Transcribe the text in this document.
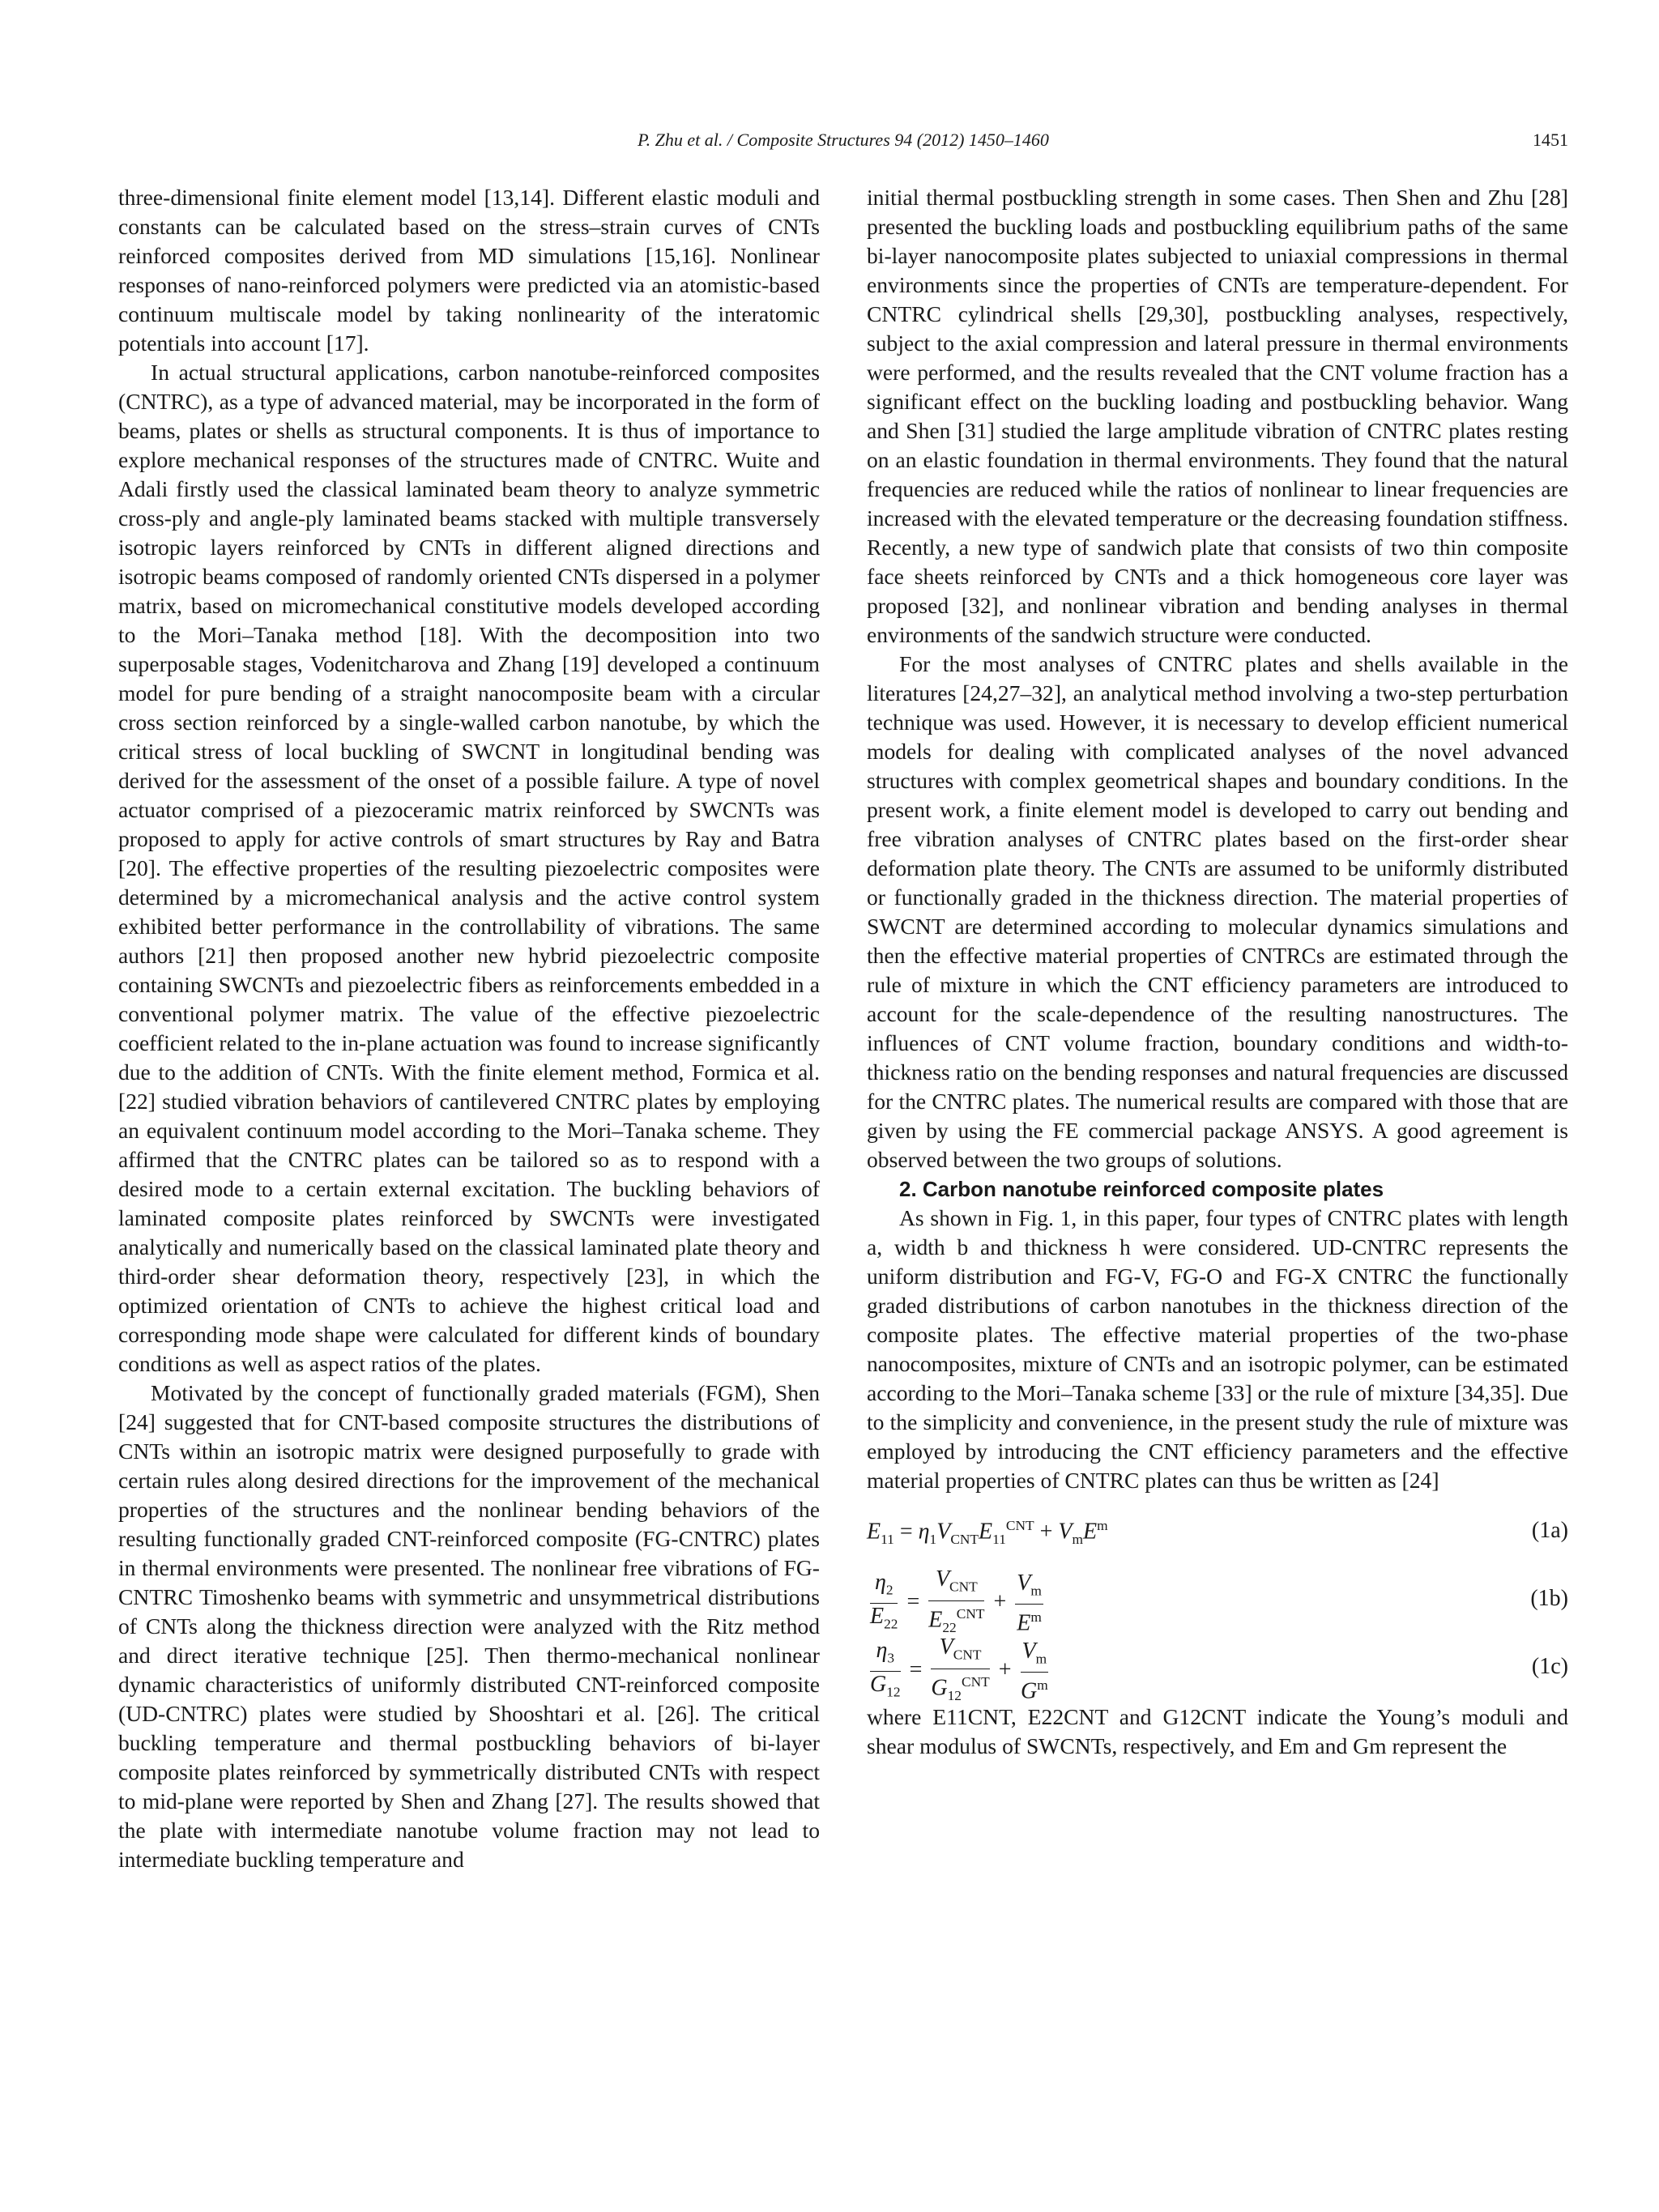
P. Zhu et al. / Composite Structures 94 (2012) 1450–1460	1451

three-dimensional finite element model [13,14]. Different elastic moduli and constants can be calculated based on the stress–strain curves of CNTs reinforced composites derived from MD simulations [15,16]. Nonlinear responses of nano-reinforced polymers were predicted via an atomistic-based continuum multiscale model by taking nonlinearity of the interatomic potentials into account [17].

In actual structural applications, carbon nanotube-reinforced composites (CNTRC), as a type of advanced material, may be incorporated in the form of beams, plates or shells as structural components. It is thus of importance to explore mechanical responses of the structures made of CNTRC. Wuite and Adali firstly used the classical laminated beam theory to analyze symmetric cross-ply and angle-ply laminated beams stacked with multiple transversely isotropic layers reinforced by CNTs in different aligned directions and isotropic beams composed of randomly oriented CNTs dispersed in a polymer matrix, based on micromechanical constitutive models developed according to the Mori–Tanaka method [18]. With the decomposition into two superposable stages, Vodenitcharova and Zhang [19] developed a continuum model for pure bending of a straight nanocomposite beam with a circular cross section reinforced by a single-walled carbon nanotube, by which the critical stress of local buckling of SWCNT in longitudinal bending was derived for the assessment of the onset of a possible failure. A type of novel actuator comprised of a piezoceramic matrix reinforced by SWCNTs was proposed to apply for active controls of smart structures by Ray and Batra [20]. The effective properties of the resulting piezoelectric composites were determined by a micromechanical analysis and the active control system exhibited better performance in the controllability of vibrations. The same authors [21] then proposed another new hybrid piezoelectric composite containing SWCNTs and piezoelectric fibers as reinforcements embedded in a conventional polymer matrix. The value of the effective piezoelectric coefficient related to the in-plane actuation was found to increase significantly due to the addition of CNTs. With the finite element method, Formica et al. [22] studied vibration behaviors of cantilevered CNTRC plates by employing an equivalent continuum model according to the Mori–Tanaka scheme. They affirmed that the CNTRC plates can be tailored so as to respond with a desired mode to a certain external excitation. The buckling behaviors of laminated composite plates reinforced by SWCNTs were investigated analytically and numerically based on the classical laminated plate theory and third-order shear deformation theory, respectively [23], in which the optimized orientation of CNTs to achieve the highest critical load and corresponding mode shape were calculated for different kinds of boundary conditions as well as aspect ratios of the plates.

Motivated by the concept of functionally graded materials (FGM), Shen [24] suggested that for CNT-based composite structures the distributions of CNTs within an isotropic matrix were designed purposefully to grade with certain rules along desired directions for the improvement of the mechanical properties of the structures and the nonlinear bending behaviors of the resulting functionally graded CNT-reinforced composite (FG-CNTRC) plates in thermal environments were presented. The nonlinear free vibrations of FG-CNTRC Timoshenko beams with symmetric and unsymmetrical distributions of CNTs along the thickness direction were analyzed with the Ritz method and direct iterative technique [25]. Then thermo-mechanical nonlinear dynamic characteristics of uniformly distributed CNT-reinforced composite (UD-CNTRC) plates were studied by Shooshtari et al. [26]. The critical buckling temperature and thermal postbuckling behaviors of bi-layer composite plates reinforced by symmetrically distributed CNTs with respect to mid-plane were reported by Shen and Zhang [27]. The results showed that the plate with intermediate nanotube volume fraction may not lead to intermediate buckling temperature and

initial thermal postbuckling strength in some cases. Then Shen and Zhu [28] presented the buckling loads and postbuckling equilibrium paths of the same bi-layer nanocomposite plates subjected to uniaxial compressions in thermal environments since the properties of CNTs are temperature-dependent. For CNTRC cylindrical shells [29,30], postbuckling analyses, respectively, subject to the axial compression and lateral pressure in thermal environments were performed, and the results revealed that the CNT volume fraction has a significant effect on the buckling loading and postbuckling behavior. Wang and Shen [31] studied the large amplitude vibration of CNTRC plates resting on an elastic foundation in thermal environments. They found that the natural frequencies are reduced while the ratios of nonlinear to linear frequencies are increased with the elevated temperature or the decreasing foundation stiffness. Recently, a new type of sandwich plate that consists of two thin composite face sheets reinforced by CNTs and a thick homogeneous core layer was proposed [32], and nonlinear vibration and bending analyses in thermal environments of the sandwich structure were conducted.

For the most analyses of CNTRC plates and shells available in the literatures [24,27–32], an analytical method involving a two-step perturbation technique was used. However, it is necessary to develop efficient numerical models for dealing with complicated analyses of the novel advanced structures with complex geometrical shapes and boundary conditions. In the present work, a finite element model is developed to carry out bending and free vibration analyses of CNTRC plates based on the first-order shear deformation plate theory. The CNTs are assumed to be uniformly distributed or functionally graded in the thickness direction. The material properties of SWCNT are determined according to molecular dynamics simulations and then the effective material properties of CNTRCs are estimated through the rule of mixture in which the CNT efficiency parameters are introduced to account for the scale-dependence of the resulting nanostructures. The influences of CNT volume fraction, boundary conditions and width-to-thickness ratio on the bending responses and natural frequencies are discussed for the CNTRC plates. The numerical results are compared with those that are given by using the FE commercial package ANSYS. A good agreement is observed between the two groups of solutions.

2. Carbon nanotube reinforced composite plates

As shown in Fig. 1, in this paper, four types of CNTRC plates with length a, width b and thickness h were considered. UD-CNTRC represents the uniform distribution and FG-V, FG-O and FG-X CNTRC the functionally graded distributions of carbon nanotubes in the thickness direction of the composite plates. The effective material properties of the two-phase nanocomposites, mixture of CNTs and an isotropic polymer, can be estimated according to the Mori–Tanaka scheme [33] or the rule of mixture [34,35]. Due to the simplicity and convenience, in the present study the rule of mixture was employed by introducing the CNT efficiency parameters and the effective material properties of CNTRC plates can thus be written as [24]

$E_{11} = \eta_1V_{CNT}E_{11}^{CNT} + V_mE^m$	(1a)
$\frac{\eta_2}{E_{22}} = \frac{V_{CNT}}{E_{22}^{CNT}} + \frac{V_m}{E^m}$	(1b)
$\frac{\eta_3}{G_{12}} = \frac{V_{CNT}}{G_{12}^{CNT}} + \frac{V_m}{G^m}$	(1c)

where E11CNT, E22CNT and G12CNT indicate the Young’s moduli and shear modulus of SWCNTs, respectively, and Em and Gm represent the
